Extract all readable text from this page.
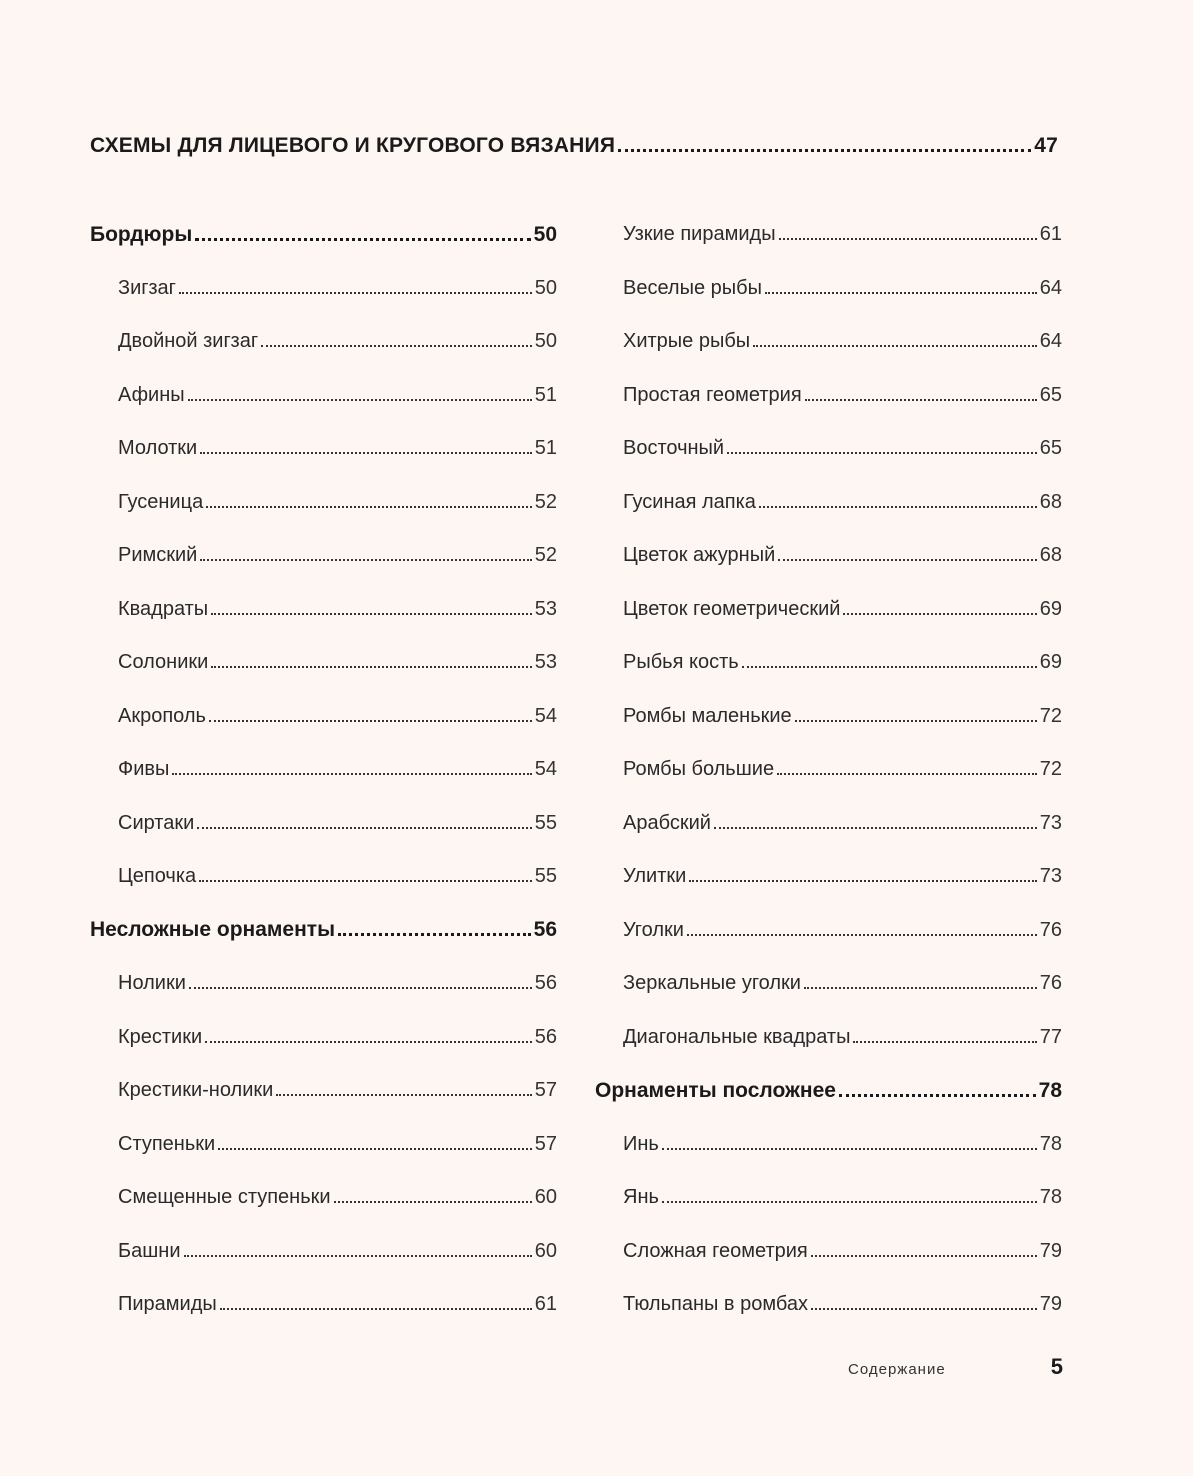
СХЕМЫ ДЛЯ ЛИЦЕВОГО И КРУГОВОГО ВЯЗАНИЯ	47
Бордюры	50
Зигзаг	50
Двойной зигзаг	50
Афины	51
Молотки	51
Гусеница	52
Римский	52
Квадраты	53
Солоники	53
Акрополь	54
Фивы	54
Сиртаки	55
Цепочка	55
Несложные орнаменты	56
Нолики	56
Крестики	56
Крестики-нолики	57
Ступеньки	57
Смещенные ступеньки	60
Башни	60
Пирамиды	61
Узкие пирамиды	61
Веселые рыбы	64
Хитрые рыбы	64
Простая геометрия	65
Восточный	65
Гусиная лапка	68
Цветок ажурный	68
Цветок геометрический	69
Рыбья кость	69
Ромбы маленькие	72
Ромбы большие	72
Арабский	73
Улитки	73
Уголки	76
Зеркальные уголки	76
Диагональные квадраты	77
Орнаменты посложнее	78
Инь	78
Янь	78
Сложная геометрия	79
Тюльпаны в ромбах	79
Содержание	5
